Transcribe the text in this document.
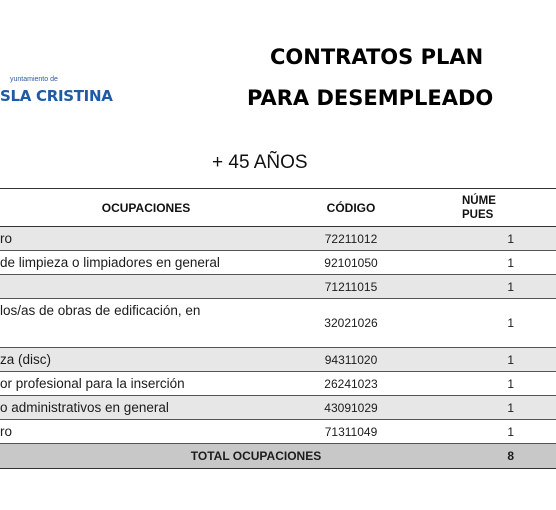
yuntamiento de
SLA CRISTINA
CONTRATOS PLAN
PARA DESEMPLEADO
+ 45 AÑOS
OCUPACIONES	CÓDIGO	NÚME
PUES
ro	72211012	1
de limpieza o limpiadores en general	92101050	1
	71211015	1
los/as de obras de edificación, en	32021026	1
za (disc)	94311020	1
or profesional para la inserción	26241023	1
o administrativos en general	43091029	1
ro	71311049	1
TOTAL OCUPACIONES		8
